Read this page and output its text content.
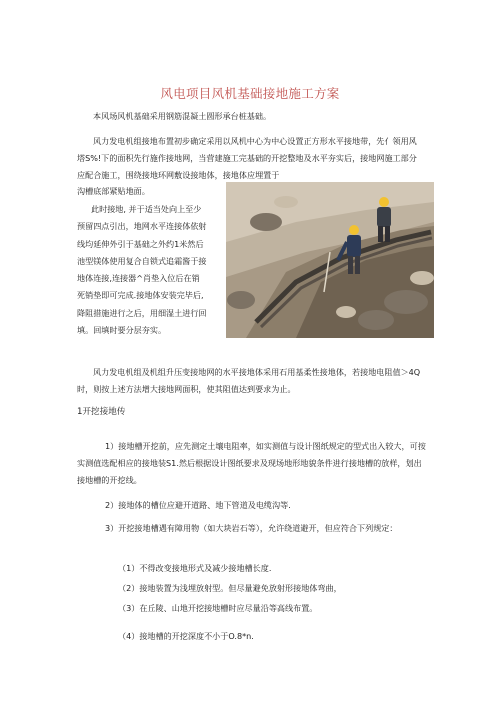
风电项目风机基础接地施工方案

本风场风机基础采用钢筋混凝土圆形承台桩基础。

风力发电机组接地布置初步确定采用以风机中心为中心设置正方形水平接地带，先亻领用风塔S%!下的面积先行施作接地网，当营建施工完基础的开挖整地及水平夯实后，接地网施工部分应配合施工，围绕接地环网敷设接地体，接地体应埋置于

沟槽底部紧贴地面。

此时接地, 并于适当处向上至少
预留四点引出，地网水平连接体依射
线均延伸外引于基础之外约1米然后
池型镁体使用复合自锁式追霜酱于接
地体连接,连接器^肖垫入位后在销
死销垫即可完成.接地体安装完毕后,
降阻措施进行之后，用细湿土进行回
填。回填时要分层夯实。

风力发电机组及机组升压变接地网的水平接地体采用石用基柔性接地体，若接地电阻值＞4Q时，则按上述方法增大接地网面积，使其阻值达到要求为止。

1开挖接地传

1）接地槽开挖前，应先测定土壤电阻率，如实测值与设计图纸规定的型式出入较大，可按实测值选配相应的接地装S1.然后根据设计图纸要求及现场地形地貌条件进行接地槽的放样，划出接地槽的开挖线。

2）接地体的槽位应避开道路、地下管道及电缆沟等.

3）开挖接地槽遇有障用物（如大块岩石等），允许绕道避开，但应符合下列规定：

（1）不得改变接地形式及减少接地槽长度.

（2）接地装置为浅埋放射型。但尽量避免放射形接地体弯曲，

（3）在丘陵、山地开挖接地槽时应尽量沿等高线布置。

（4）接地槽的开挖深度不小于O.8*n.
